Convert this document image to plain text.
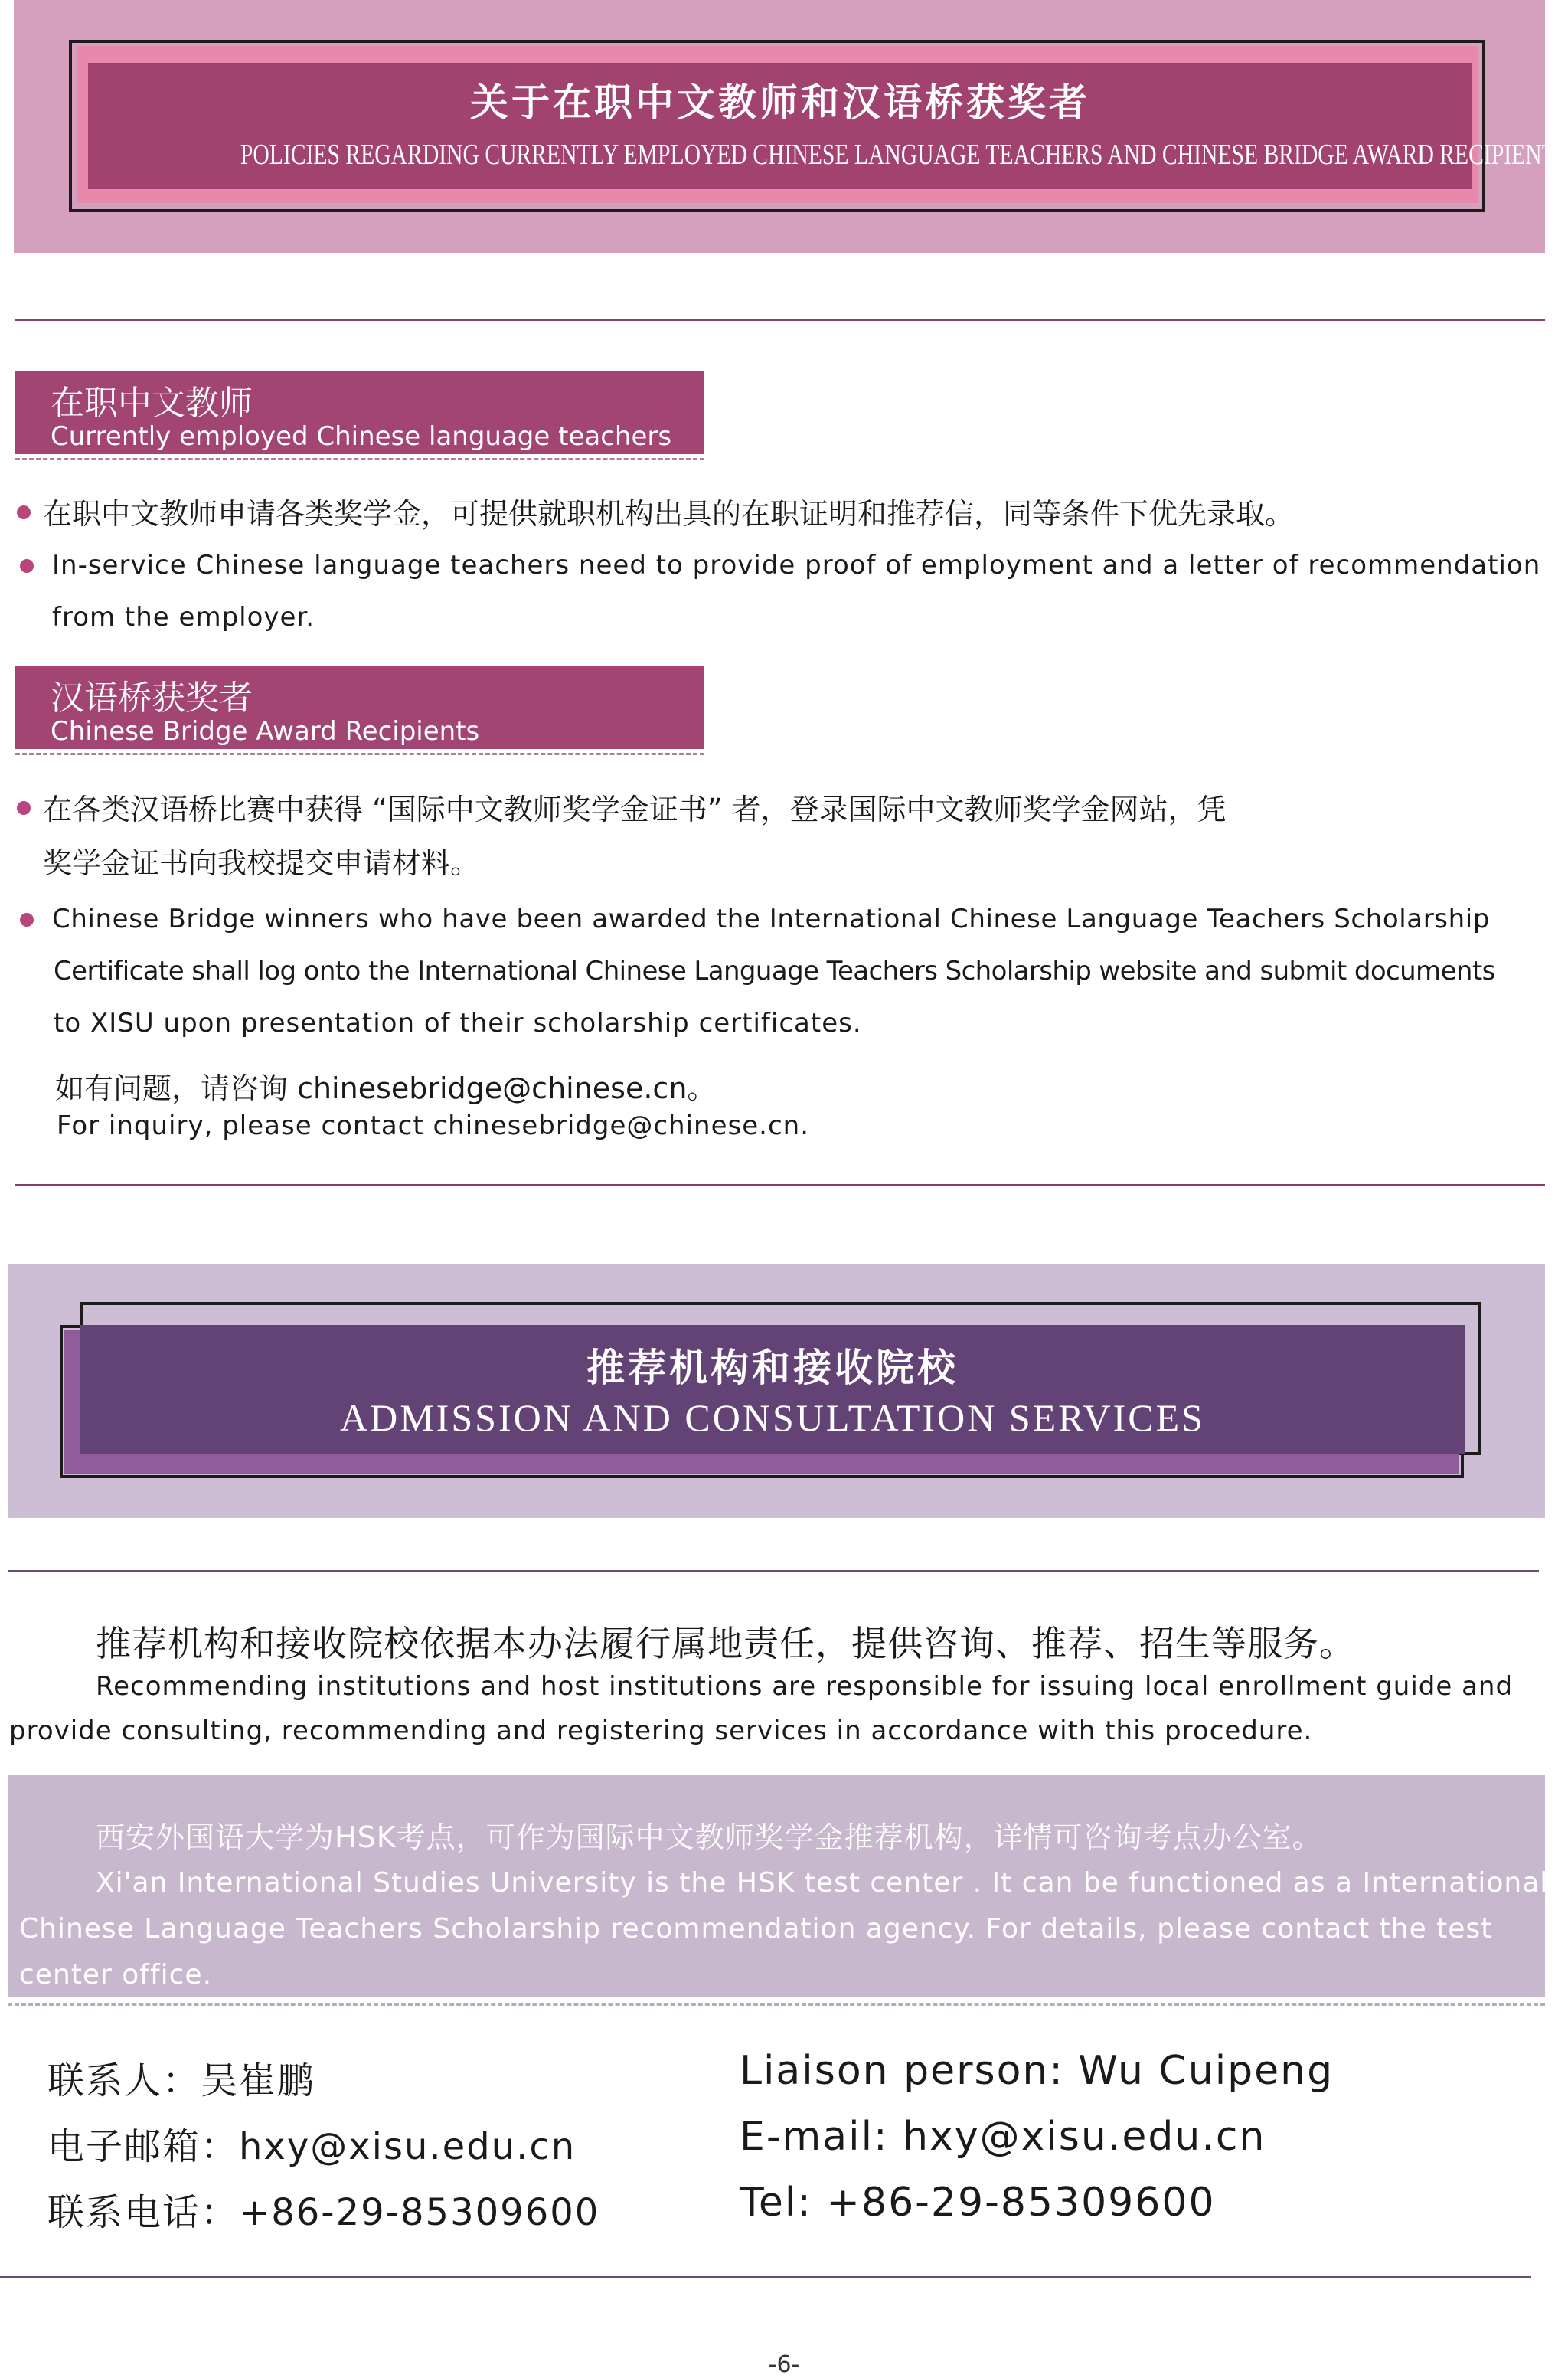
关于在职中文教师和汉语桥获奖者
POLICIES REGARDING CURRENTLY EMPLOYED CHINESE LANGUAGE TEACHERS AND CHINESE BRIDGE AWARD RECIPIENTS
在职中文教师
Currently employed Chinese language teachers
在职中文教师申请各类奖学金，可提供就职机构出具的在职证明和推荐信，同等条件下优先录取。
In-service Chinese language teachers need to provide proof of employment and a letter of recommendation
from the employer.
汉语桥获奖者
Chinese Bridge Award Recipients
在各类汉语桥比赛中获得 “国际中文教师奖学金证书” 者，登录国际中文教师奖学金网站，凭
奖学金证书向我校提交申请材料。
Chinese Bridge winners who have been awarded the International Chinese Language Teachers Scholarship
Certificate shall log onto the International Chinese Language Teachers Scholarship website and submit documents
to XISU upon presentation of their scholarship certificates.
如有问题，请咨询 chinesebridge@chinese.cn。
For inquiry, please contact chinesebridge@chinese.cn.
推荐机构和接收院校
ADMISSION AND CONSULTATION SERVICES
推荐机构和接收院校依据本办法履行属地责任，提供咨询、推荐、招生等服务。
Recommending institutions and host institutions are responsible for issuing local enrollment guide and
provide consulting, recommending and registering services in accordance with this procedure.
西安外国语大学为HSK考点，可作为国际中文教师奖学金推荐机构，详情可咨询考点办公室。
Xi'an International Studies University is the HSK test center . It can be functioned as a International
Chinese Language Teachers Scholarship recommendation agency. For details, please contact the test
center office.
联系人：吴崔鹏
电子邮箱：hxy@xisu.edu.cn
联系电话：+86-29-85309600
Liaison person: Wu Cuipeng
E-mail: hxy@xisu.edu.cn
Tel: +86-29-85309600
-6-
